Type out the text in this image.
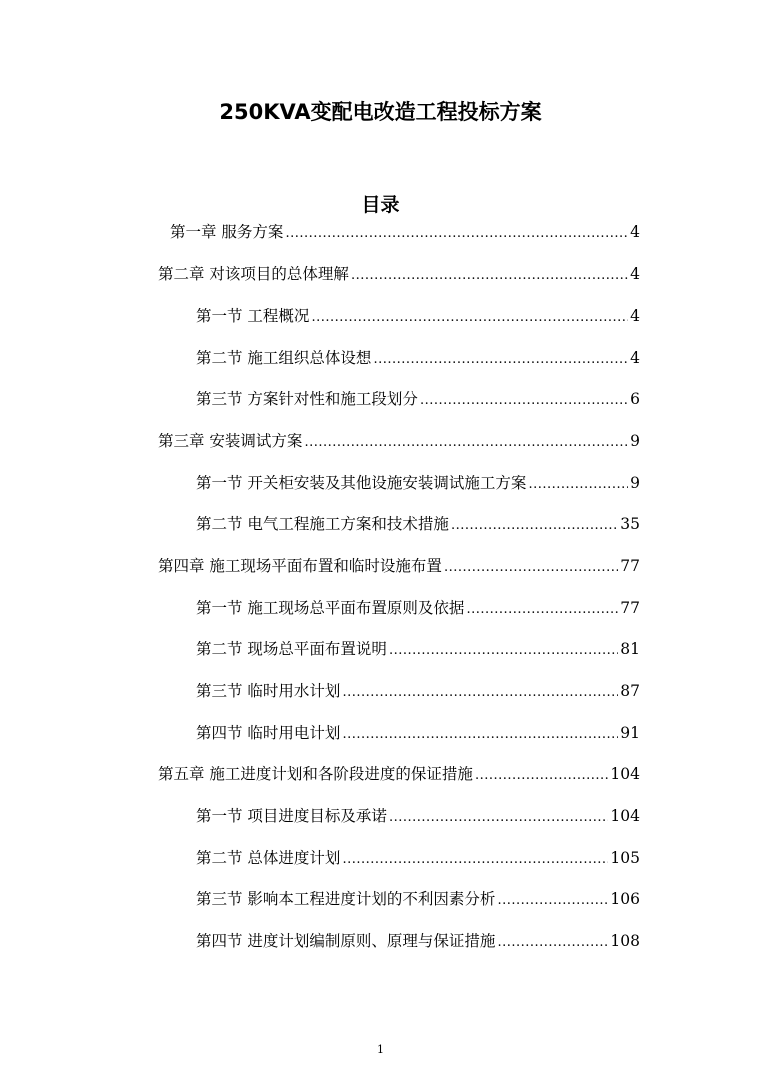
250KVA变配电改造工程投标方案
目录
第一章 服务方案 .....	4
第二章 对该项目的总体理解 .....	4
第一节 工程概况 .....	4
第二节 施工组织总体设想 .....	4
第三节 方案针对性和施工段划分 .....	6
第三章 安装调试方案 .....	9
第一节 开关柜安装及其他设施安装调试施工方案 .....	9
第二节 电气工程施工方案和技术措施 .....	35
第四章 施工现场平面布置和临时设施布置 .....	77
第一节 施工现场总平面布置原则及依据 .....	77
第二节 现场总平面布置说明 .....	81
第三节 临时用水计划 .....	87
第四节 临时用电计划 .....	91
第五章 施工进度计划和各阶段进度的保证措施 .....	104
第一节 项目进度目标及承诺 .....	104
第二节 总体进度计划 .....	105
第三节 影响本工程进度计划的不利因素分析 .....	106
第四节 进度计划编制原则、原理与保证措施 .....	108
1
